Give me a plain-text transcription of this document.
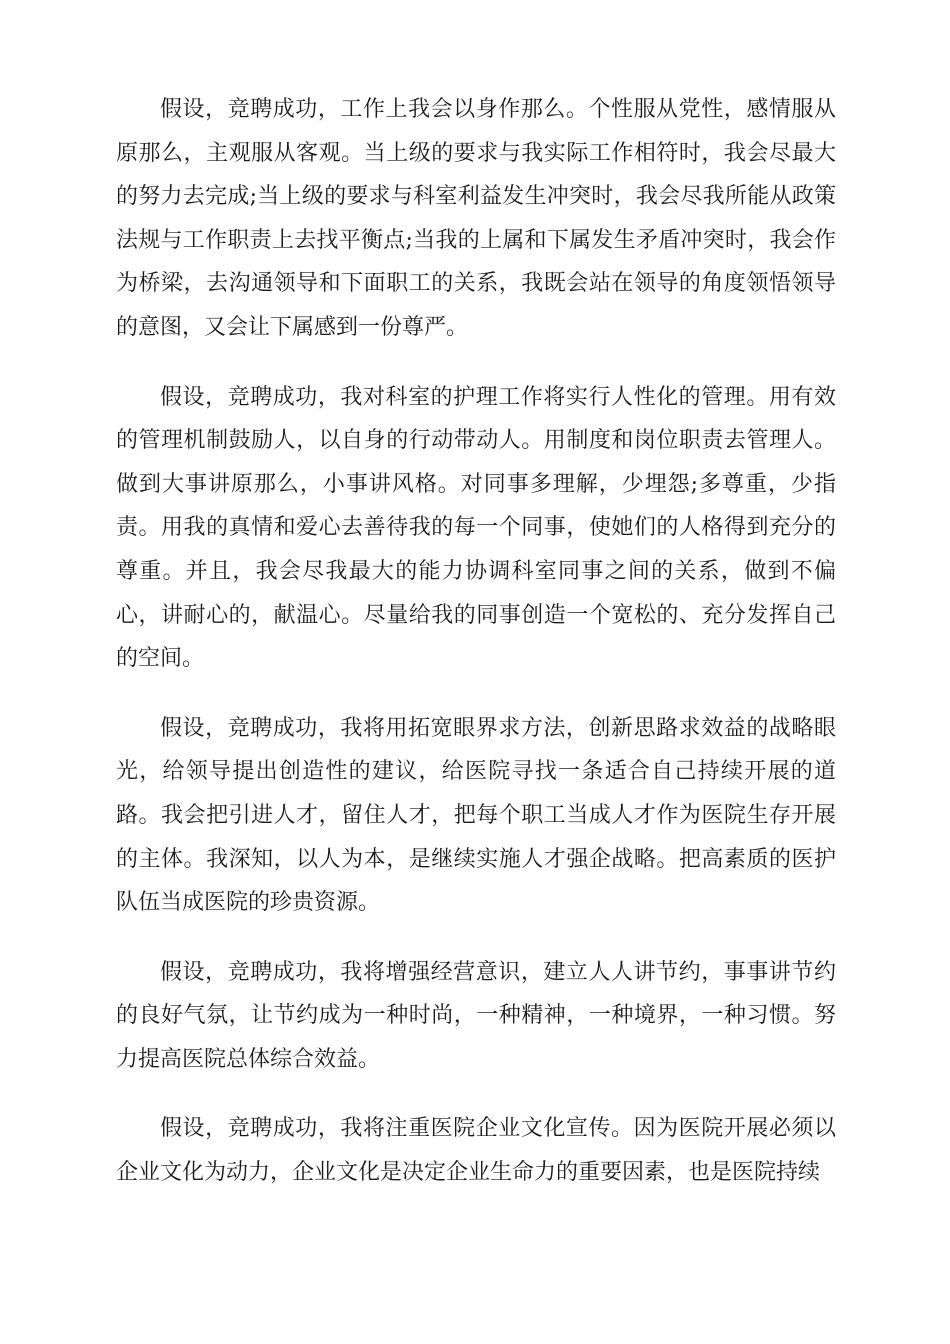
假设，竞聘成功，工作上我会以身作那么。个性服从党性，感情服从原那么，主观服从客观。当上级的要求与我实际工作相符时，我会尽最大的努力去完成;当上级的要求与科室利益发生冲突时，我会尽我所能从政策法规与工作职责上去找平衡点;当我的上属和下属发生矛盾冲突时，我会作为桥梁，去沟通领导和下面职工的关系，我既会站在领导的角度领悟领导的意图，又会让下属感到一份尊严。

假设，竞聘成功，我对科室的护理工作将实行人性化的管理。用有效的管理机制鼓励人，以自身的行动带动人。用制度和岗位职责去管理人。做到大事讲原那么，小事讲风格。对同事多理解，少埋怨;多尊重，少指责。用我的真情和爱心去善待我的每一个同事，使她们的人格得到充分的尊重。并且，我会尽我最大的能力协调科室同事之间的关系，做到不偏心，讲耐心的，献温心。尽量给我的同事创造一个宽松的、充分发挥自己的空间。

假设，竞聘成功，我将用拓宽眼界求方法，创新思路求效益的战略眼光，给领导提出创造性的建议，给医院寻找一条适合自己持续开展的道路。我会把引进人才，留住人才，把每个职工当成人才作为医院生存开展的主体。我深知，以人为本，是继续实施人才强企战略。把高素质的医护队伍当成医院的珍贵资源。

假设，竞聘成功，我将增强经营意识，建立人人讲节约，事事讲节约的良好气氛，让节约成为一种时尚，一种精神，一种境界，一种习惯。努力提高医院总体综合效益。

假设，竞聘成功，我将注重医院企业文化宣传。因为医院开展必须以企业文化为动力，企业文化是决定企业生命力的重要因素，也是医院持续
